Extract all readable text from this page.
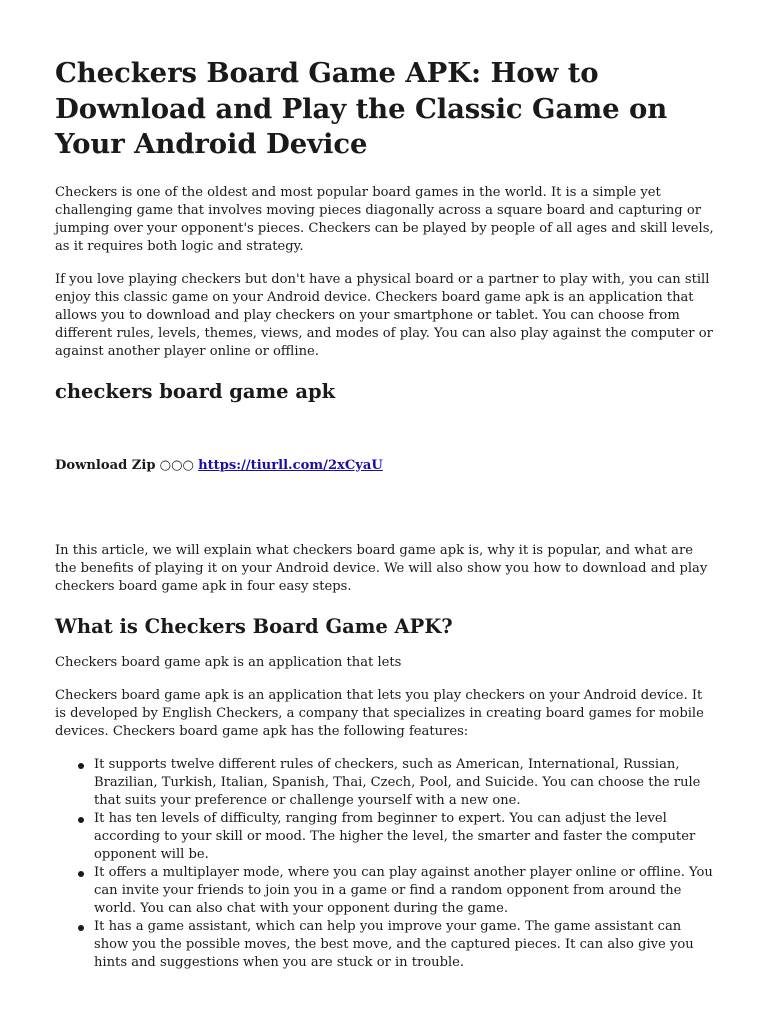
Checkers Board Game APK: How to Download and Play the Classic Game on Your Android Device

Checkers is one of the oldest and most popular board games in the world. It is a simple yet challenging game that involves moving pieces diagonally across a square board and capturing or jumping over your opponent's pieces. Checkers can be played by people of all ages and skill levels, as it requires both logic and strategy.

If you love playing checkers but don't have a physical board or a partner to play with, you can still enjoy this classic game on your Android device. Checkers board game apk is an application that allows you to download and play checkers on your smartphone or tablet. You can choose from different rules, levels, themes, views, and modes of play. You can also play against the computer or against another player online or offline.

checkers board game apk
Download Zip ○○○ https://tiurll.com/2xCyaU

In this article, we will explain what checkers board game apk is, why it is popular, and what are the benefits of playing it on your Android device. We will also show you how to download and play checkers board game apk in four easy steps.

What is Checkers Board Game APK?

Checkers board game apk is an application that lets

Checkers board game apk is an application that lets you play checkers on your Android device. It is developed by English Checkers, a company that specializes in creating board games for mobile devices. Checkers board game apk has the following features:

It supports twelve different rules of checkers, such as American, International, Russian, Brazilian, Turkish, Italian, Spanish, Thai, Czech, Pool, and Suicide. You can choose the rule that suits your preference or challenge yourself with a new one.
It has ten levels of difficulty, ranging from beginner to expert. You can adjust the level according to your skill or mood. The higher the level, the smarter and faster the computer opponent will be.
It offers a multiplayer mode, where you can play against another player online or offline. You can invite your friends to join you in a game or find a random opponent from around the world. You can also chat with your opponent during the game.
It has a game assistant, which can help you improve your game. The game assistant can show you the possible moves, the best move, and the captured pieces. It can also give you hints and suggestions when you are stuck or in trouble.
